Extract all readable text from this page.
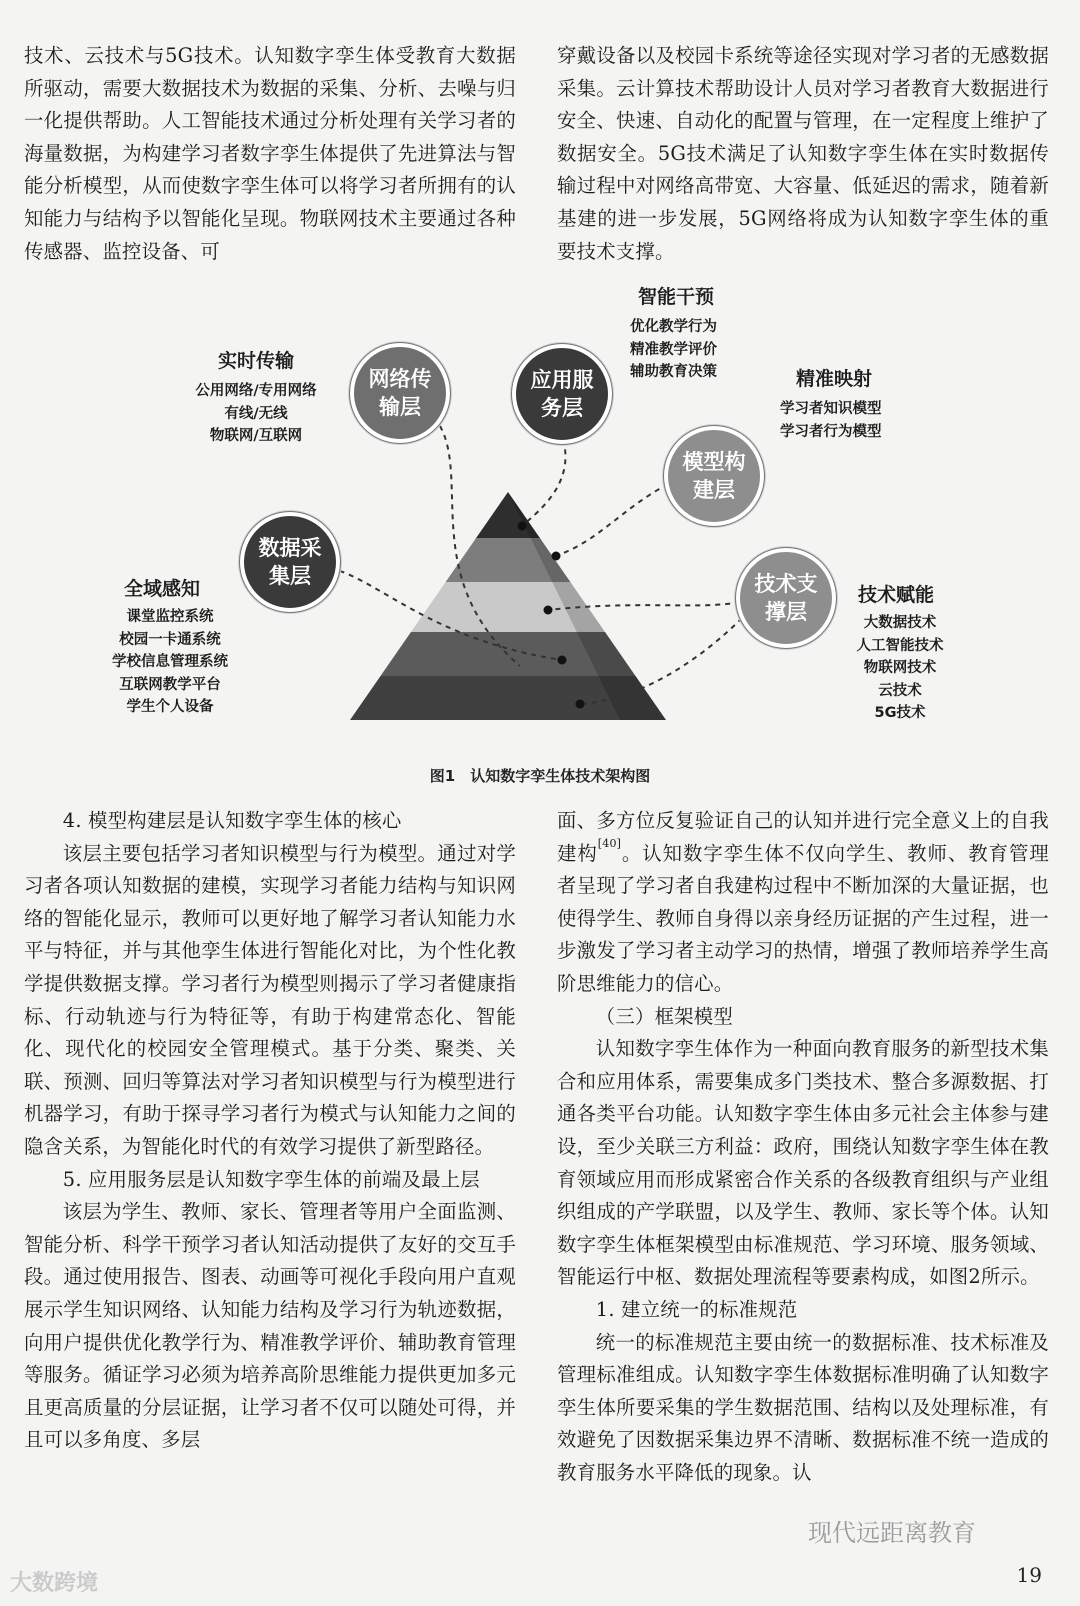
技术、云技术与5G技术。认知数字孪生体受教育大数据所驱动，需要大数据技术为数据的采集、分析、去噪与归一化提供帮助。人工智能技术通过分析处理有关学习者的海量数据，为构建学习者数字孪生体提供了先进算法与智能分析模型，从而使数字孪生体可以将学习者所拥有的认知能力与结构予以智能化呈现。物联网技术主要通过各种传感器、监控设备、可

穿戴设备以及校园卡系统等途径实现对学习者的无感数据采集。云计算技术帮助设计人员对学习者教育大数据进行安全、快速、自动化的配置与管理，在一定程度上维护了数据安全。5G技术满足了认知数字孪生体在实时数据传输过程中对网络高带宽、大容量、低延迟的需求，随着新基建的进一步发展，5G网络将成为认知数字孪生体的重要技术支撑。

网络传输层
应用服务层
模型构建层
数据采集层	技术支撑层
实时传输
公用网络/专用网络
有线/无线
物联网/互联网
智能干预
优化教学行为
精准教学评价
辅助教育决策	精准映射
学习者知识模型
学习者行为模型
全域感知
课堂监控系统
校园一卡通系统
学校信息管理系统
互联网教学平台
学生个人设备
技术赋能
大数据技术
人工智能技术
物联网技术
云技术
5G技术
图1　认知数字孪生体技术架构图

4. 模型构建层是认知数字孪生体的核心

该层主要包括学习者知识模型与行为模型。通过对学习者各项认知数据的建模，实现学习者能力结构与知识网络的智能化显示，教师可以更好地了解学习者认知能力水平与特征，并与其他孪生体进行智能化对比，为个性化教学提供数据支撑。学习者行为模型则揭示了学习者健康指标、行动轨迹与行为特征等，有助于构建常态化、智能化、现代化的校园安全管理模式。基于分类、聚类、关联、预测、回归等算法对学习者知识模型与行为模型进行机器学习，有助于探寻学习者行为模式与认知能力之间的隐含关系，为智能化时代的有效学习提供了新型路径。

5. 应用服务层是认知数字孪生体的前端及最上层

该层为学生、教师、家长、管理者等用户全面监测、智能分析、科学干预学习者认知活动提供了友好的交互手段。通过使用报告、图表、动画等可视化手段向用户直观展示学生知识网络、认知能力结构及学习行为轨迹数据，向用户提供优化教学行为、精准教学评价、辅助教育管理等服务。循证学习必须为培养高阶思维能力提供更加多元且更高质量的分层证据，让学习者不仅可以随处可得，并且可以多角度、多层

面、多方位反复验证自己的认知并进行完全意义上的自我建构[40]。认知数字孪生体不仅向学生、教师、教育管理者呈现了学习者自我建构过程中不断加深的大量证据，也使得学生、教师自身得以亲身经历证据的产生过程，进一步激发了学习者主动学习的热情，增强了教师培养学生高阶思维能力的信心。

（三）框架模型

认知数字孪生体作为一种面向教育服务的新型技术集合和应用体系，需要集成多门类技术、整合多源数据、打通各类平台功能。认知数字孪生体由多元社会主体参与建设，至少关联三方利益：政府，围绕认知数字孪生体在教育领域应用而形成紧密合作关系的各级教育组织与产业组织组成的产学联盟，以及学生、教师、家长等个体。认知数字孪生体框架模型由标准规范、学习环境、服务领域、智能运行中枢、数据处理流程等要素构成，如图2所示。

1. 建立统一的标准规范

统一的标准规范主要由统一的数据标准、技术标准及管理标准组成。认知数字孪生体数据标准明确了认知数字孪生体所要采集的学生数据范围、结构以及处理标准，有效避免了因数据采集边界不清晰、数据标准不统一造成的教育服务水平降低的现象。认

现代远距离教育
大数跨境	19
